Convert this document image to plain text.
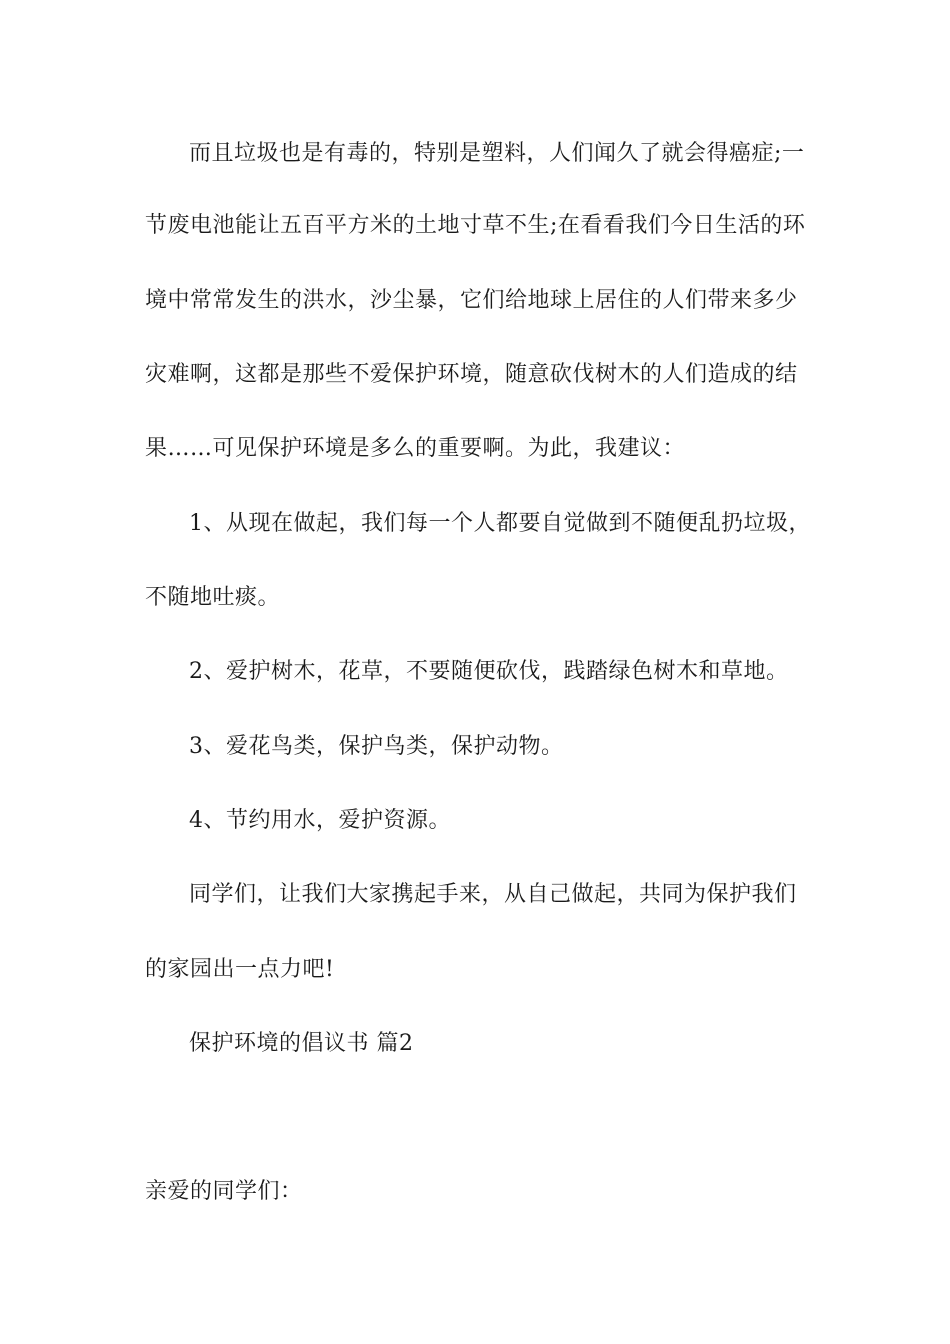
而且垃圾也是有毒的，特别是塑料，人们闻久了就会得癌症;一
节废电池能让五百平方米的土地寸草不生;在看看我们今日生活的环
境中常常发生的洪水，沙尘暴，它们给地球上居住的人们带来多少
灾难啊，这都是那些不爱保护环境，随意砍伐树木的人们造成的结
果……可见保护环境是多么的重要啊。为此，我建议：
1、从现在做起，我们每一个人都要自觉做到不随便乱扔垃圾，
不随地吐痰。
2、爱护树木，花草，不要随便砍伐，践踏绿色树木和草地。
3、爱花鸟类，保护鸟类，保护动物。
4、节约用水，爱护资源。
同学们，让我们大家携起手来，从自己做起，共同为保护我们
的家园出一点力吧!
保护环境的倡议书 篇2
亲爱的同学们：
